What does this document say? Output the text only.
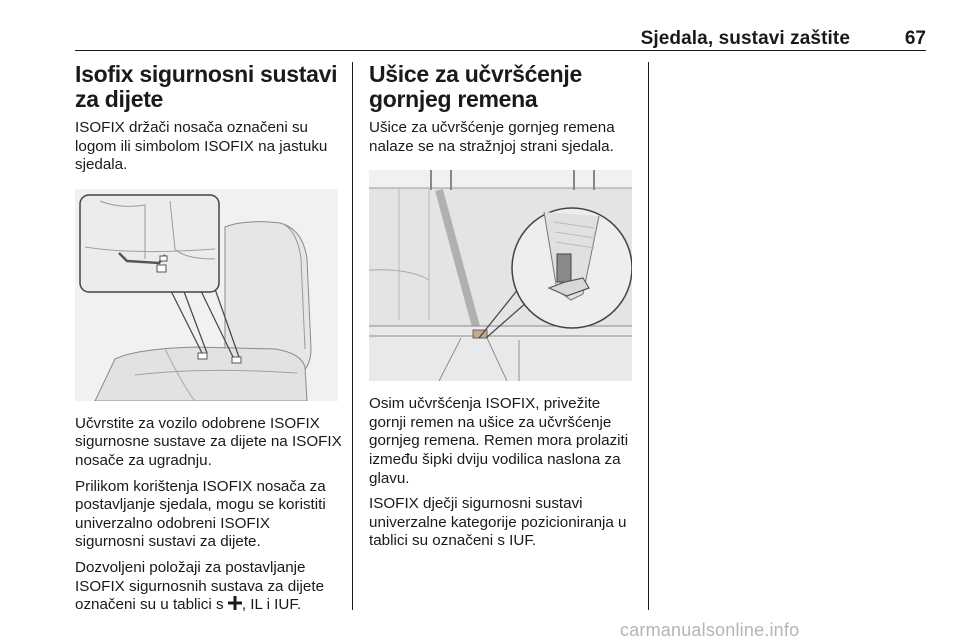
Sjedala, sustavi zaštite	67
Isofix sigurnosni sustavi za dijete

ISOFIX držači nosača označeni su logom ili simbolom ISOFIX na jastuku sjedala.

Učvrstite za vozilo odobrene ISOFIX sigurnosne sustave za dijete na ISOFIX nosače za ugradnju.

Prilikom korištenja ISOFIX nosača za postavljanje sjedala, mogu se koristiti univerzalno odobreni ISOFIX sigurnosni sustavi za dijete.

Dozvoljeni položaji za postavljanje ISOFIX sigurnosnih sustava za dijete označeni su u tablici s , IL i IUF.

Ušice za učvršćenje gornjeg remena

Ušice za učvršćenje gornjeg remena nalaze se na stražnjoj strani sjedala.

Osim učvršćenja ISOFIX, privežite gornji remen na ušice za učvršćenje gornjeg remena. Remen mora prolaziti između šipki dviju vodilica naslona za glavu.

ISOFIX dječji sigurnosni sustavi univerzalne kategorije pozicioniranja u tablici su označeni s IUF.

carmanualsonline.info
